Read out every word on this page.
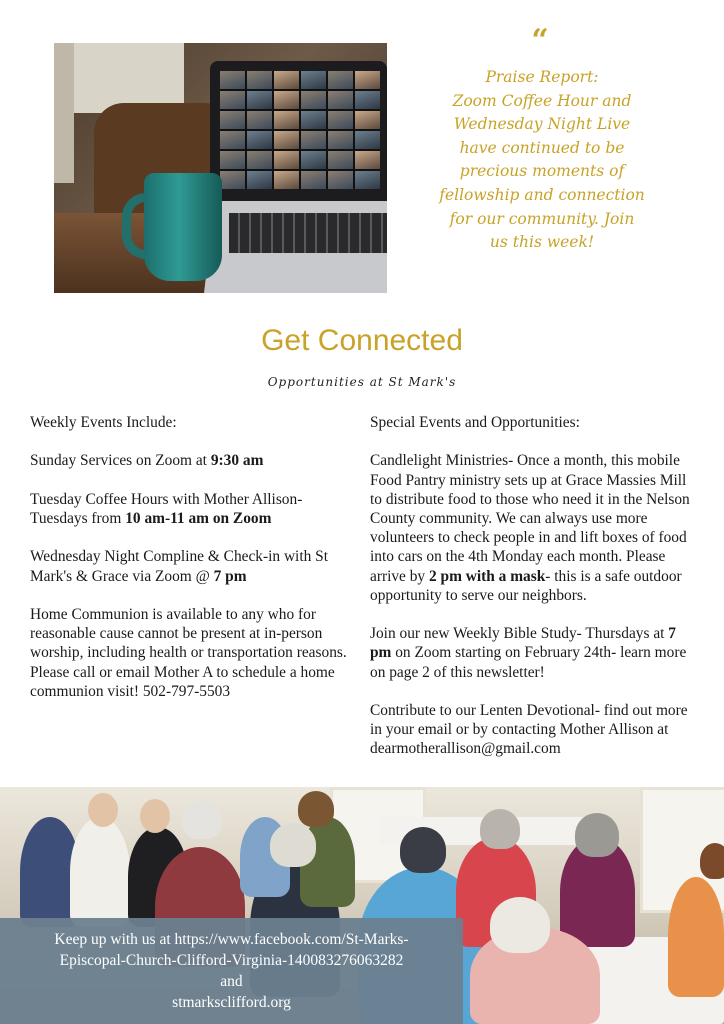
“
Praise Report:
Zoom Coffee Hour and
Wednesday Night Live
have continued to be
precious moments of
fellowship and connection
for our community. Join
us this week!
Get Connected
Opportunities at St Mark's

Weekly Events Include:

Sunday Services on Zoom at 9:30 am

Tuesday Coffee Hours with Mother Allison- Tuesdays from 10 am-11 am on Zoom

Wednesday Night Compline & Check-in with St Mark's & Grace via Zoom @ 7 pm

Home Communion is available to any who for reasonable cause cannot be present at in-person worship, including health or transportation reasons. Please call or email Mother A to schedule a home communion visit! 502-797-5503

Special Events and Opportunities:

Candlelight Ministries- Once a month, this mobile Food Pantry ministry sets up at Grace Massies Mill to distribute food to those who need it in the Nelson County community. We can always use more volunteers to check people in and lift boxes of food into cars on the 4th Monday each month. Please arrive by 2 pm with a mask- this is a safe outdoor opportunity to serve our neighbors.

Join our new Weekly Bible Study- Thursdays at 7 pm on Zoom starting on February 24th- learn more on page 2 of this newsletter!

Contribute to our Lenten Devotional- find out more in your email or by contacting Mother Allison at dearmotherallison@gmail.com

Keep up with us at https://www.facebook.com/St-Marks-
Episcopal-Church-Clifford-Virginia-140083276063282
and
stmarksclifford.org
